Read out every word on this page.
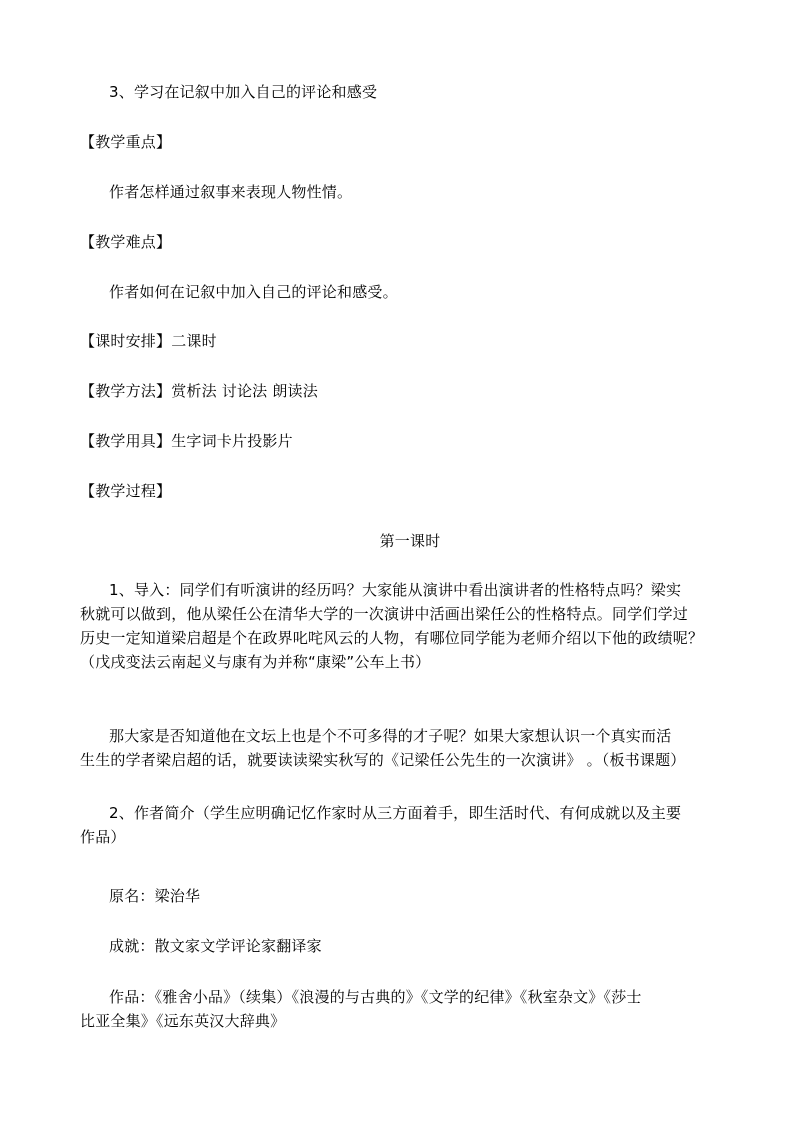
3、学习在记叙中加入自己的评论和感受
【教学重点】
作者怎样通过叙事来表现人物性情。
【教学难点】
作者如何在记叙中加入自己的评论和感受。
【课时安排】二课时
【教学方法】赏析法 讨论法 朗读法
【教学用具】生字词卡片投影片
【教学过程】
第一课时
1、导入：同学们有听演讲的经历吗？大家能从演讲中看出演讲者的性格特点吗？梁实
秋就可以做到，他从梁任公在清华大学的一次演讲中活画出梁任公的性格特点。同学们学过
历史一定知道梁启超是个在政界叱咤风云的人物，有哪位同学能为老师介绍以下他的政绩呢？
（戊戌变法云南起义与康有为并称“康梁”公车上书）
那大家是否知道他在文坛上也是个不可多得的才子呢？如果大家想认识一个真实而活
生生的学者梁启超的话，就要读读梁实秋写的《记梁任公先生的一次演讲》 。（板书课题）
2、作者简介（学生应明确记忆作家时从三方面着手，即生活时代、有何成就以及主要
作品）
原名：梁治华
成就：散文家文学评论家翻译家
作品：《雅舍小品》（续集）《浪漫的与古典的》《文学的纪律》《秋室杂文》《莎士
比亚全集》《远东英汉大辞典》
